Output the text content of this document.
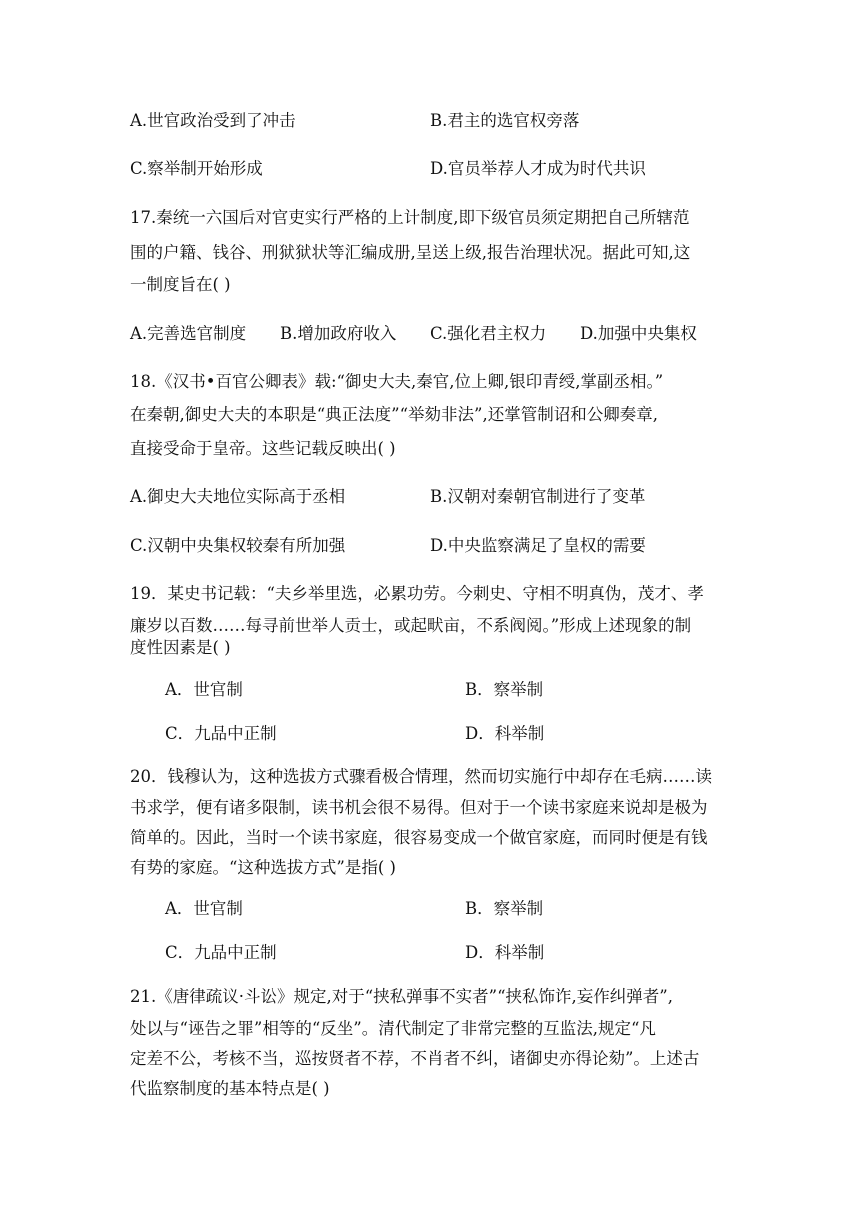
A.世官政治受到了冲击	B.君主的选官权旁落
C.察举制开始形成	D.官员举荐人才成为时代共识
17.秦统一六国后对官吏实行严格的上计制度,即下级官员须定期把自己所辖范
围的户籍、钱谷、刑狱狱状等汇编成册,呈送上级,报告治理状况。据此可知,这
一制度旨在( )
A.完善选官制度 B.增加政府收入 C.强化君主权力 D.加强中央集权
18.《汉书•百官公卿表》载:“御史大夫,秦官,位上卿,银印青绶,掌副丞相。”
在秦朝,御史大夫的本职是“典正法度”“举劾非法”,还掌管制诏和公卿奏章,
直接受命于皇帝。这些记载反映出( )
A.御史大夫地位实际高于丞相	B.汉朝对秦朝官制进行了变革
C.汉朝中央集权较秦有所加强	D.中央监察满足了皇权的需要
19．某史书记载：“夫乡举里选，必累功劳。今刺史、守相不明真伪，茂才、孝
廉岁以百数……每寻前世举人贡士，或起畎亩，不系阀阅。”形成上述现象的制
度性因素是( )
A．世官制	B．察举制
C．九品中正制	D．科举制
20．钱穆认为，这种选拔方式骤看极合情理，然而切实施行中却存在毛病……读
书求学，便有诸多限制，读书机会很不易得。但对于一个读书家庭来说却是极为
简单的。因此，当时一个读书家庭，很容易变成一个做官家庭，而同时便是有钱
有势的家庭。“这种选拔方式”是指( )
A．世官制	B．察举制
C．九品中正制	D．科举制
21.《唐律疏议·斗讼》规定,对于“挟私弹事不实者”“挟私饰诈,妄作纠弹者”,
处以与“诬告之罪”相等的“反坐”。清代制定了非常完整的互监法,规定“凡
定差不公，考核不当，巡按贤者不荐，不肖者不纠，诸御史亦得论劾”。上述古
代监察制度的基本特点是( )
